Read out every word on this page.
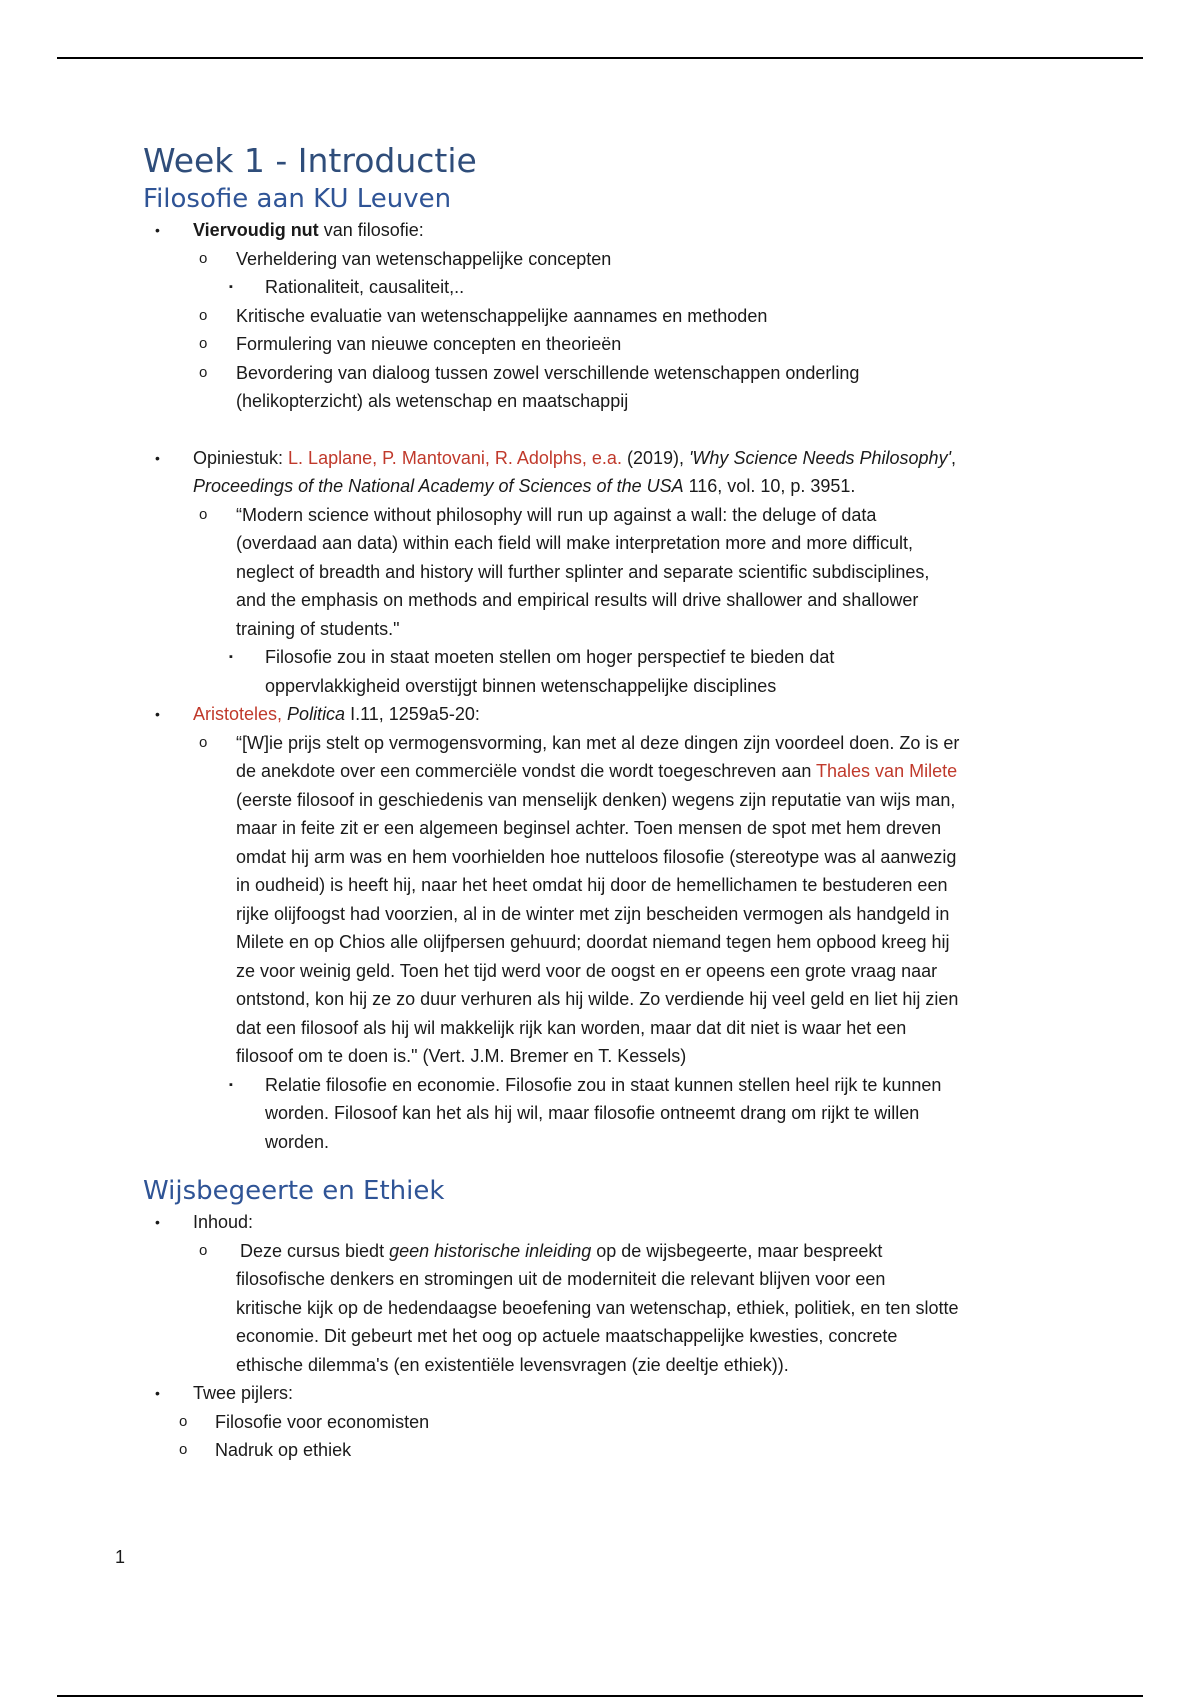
Week 1 - Introductie
Filosofie aan KU Leuven
• Viervoudig nut van filosofie:
o Verheldering van wetenschappelijke concepten
▪ Rationaliteit, causaliteit,..
o Kritische evaluatie van wetenschappelijke aannames en methoden
o Formulering van nieuwe concepten en theorieën
o Bevordering van dialoog tussen zowel verschillende wetenschappen onderling
(helikopterzicht) als wetenschap en maatschappij
• Opiniestuk: L. Laplane, P. Mantovani, R. Adolphs, e.a. (2019), 'Why Science Needs Philosophy',
Proceedings of the National Academy of Sciences of the USA 116, vol. 10, p. 3951.
o “Modern science without philosophy will run up against a wall: the deluge of data
(overdaad aan data) within each field will make interpretation more and more difficult,
neglect of breadth and history will further splinter and separate scientific subdisciplines,
and the emphasis on methods and empirical results will drive shallower and shallower
training of students."
▪ Filosofie zou in staat moeten stellen om hoger perspectief te bieden dat
oppervlakkigheid overstijgt binnen wetenschappelijke disciplines
• Aristoteles, Politica I.11, 1259a5-20:
o “[W]ie prijs stelt op vermogensvorming, kan met al deze dingen zijn voordeel doen. Zo is er
de anekdote over een commerciële vondst die wordt toegeschreven aan Thales van Milete
(eerste filosoof in geschiedenis van menselijk denken) wegens zijn reputatie van wijs man,
maar in feite zit er een algemeen beginsel achter. Toen mensen de spot met hem dreven
omdat hij arm was en hem voorhielden hoe nutteloos filosofie (stereotype was al aanwezig
in oudheid) is heeft hij, naar het heet omdat hij door de hemellichamen te bestuderen een
rijke olijfoogst had voorzien, al in de winter met zijn bescheiden vermogen als handgeld in
Milete en op Chios alle olijfpersen gehuurd; doordat niemand tegen hem opbood kreeg hij
ze voor weinig geld. Toen het tijd werd voor de oogst en er opeens een grote vraag naar
ontstond, kon hij ze zo duur verhuren als hij wilde. Zo verdiende hij veel geld en liet hij zien
dat een filosoof als hij wil makkelijk rijk kan worden, maar dat dit niet is waar het een
filosoof om te doen is." (Vert. J.M. Bremer en T. Kessels)
▪ Relatie filosofie en economie. Filosofie zou in staat kunnen stellen heel rijk te kunnen
worden. Filosoof kan het als hij wil, maar filosofie ontneemt drang om rijkt te willen
worden.
Wijsbegeerte en Ethiek
• Inhoud:
o Deze cursus biedt geen historische inleiding op de wijsbegeerte, maar bespreekt
filosofische denkers en stromingen uit de moderniteit die relevant blijven voor een
kritische kijk op de hedendaagse beoefening van wetenschap, ethiek, politiek, en ten slotte
economie. Dit gebeurt met het oog op actuele maatschappelijke kwesties, concrete
ethische dilemma's (en existentiële levensvragen (zie deeltje ethiek)).
• Twee pijlers:
o Filosofie voor economisten
o Nadruk op ethiek
1
